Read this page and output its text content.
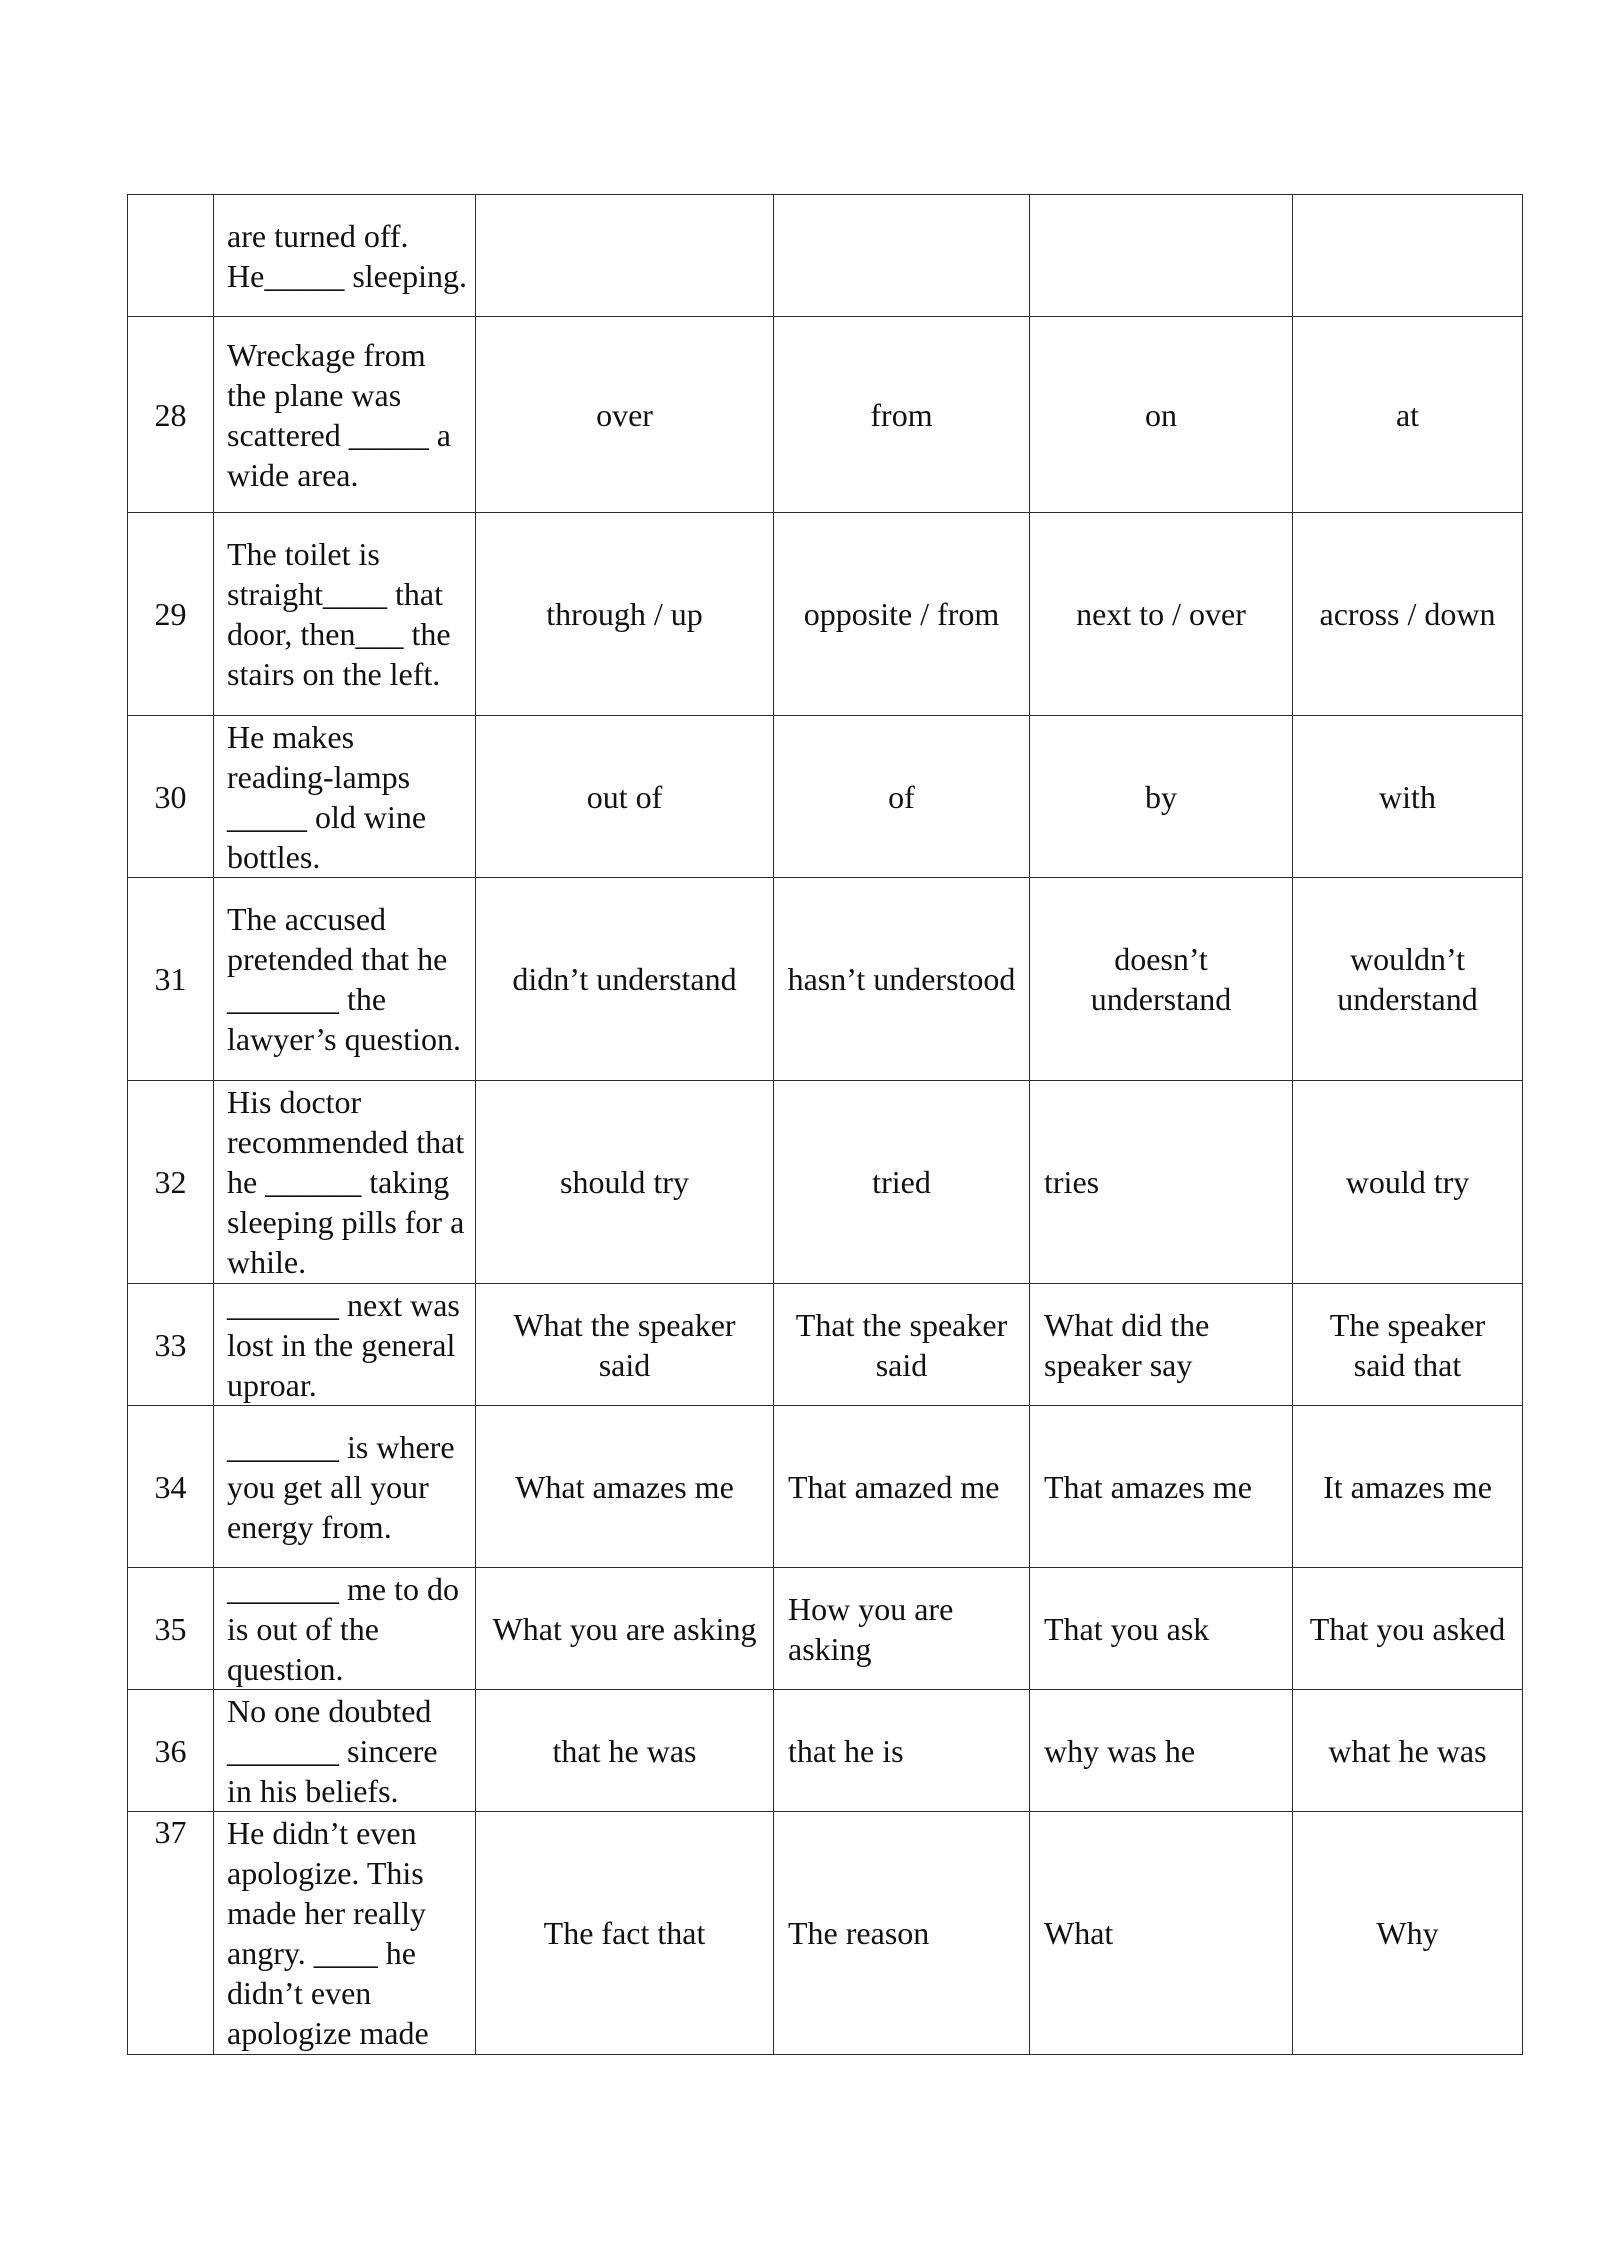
	are turned off. He_____ sleeping.				
28	Wreckage from the plane was scattered _____ a wide area.	over	from	on	at
29	The toilet is straight____ that door, then___ the stairs on the left.	through / up	opposite / from	next to / over	across / down
30	He makes reading-lamps _____ old wine bottles.	out of	of	by	with
31	The accused pretended that he _______ the lawyer’s question.	didn’t understand	hasn’t understood	doesn’t understand	wouldn’t understand
32	His doctor recommended that he ______ taking sleeping pills for a while.	should try	tried	tries	would try
33	_______ next was lost in the general uproar.	What the speaker said	That the speaker said	What did the speaker say	The speaker said that
34	_______ is where you get all your energy from.	What amazes me	That amazed me	That amazes me	It amazes me
35	_______ me to do is out of the question.	What you are asking	How you are asking	That you ask	That you asked
36	No one doubted _______ sincere in his beliefs.	that he was	that he is	why was he	what he was
37	He didn’t even apologize. This made her really angry. ____ he didn’t even apologize made	The fact that	The reason	What	Why
